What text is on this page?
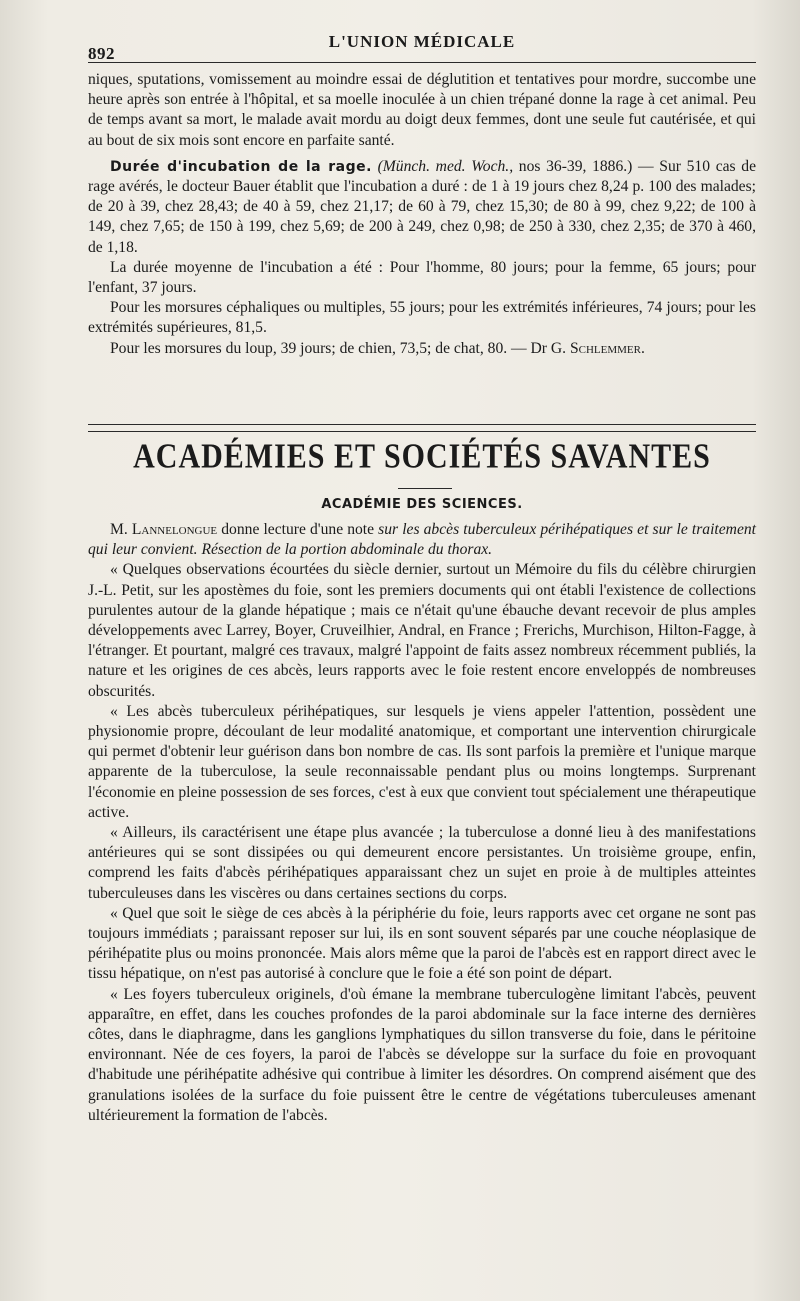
892
L'UNION MÉDICALE

niques, sputations, vomissement au moindre essai de déglutition et tentatives pour mordre, succombe une heure après son entrée à l'hôpital, et sa moelle inoculée à un chien trépané donne la rage à cet animal. Peu de temps avant sa mort, le malade avait mordu au doigt deux femmes, dont une seule fut cautérisée, et qui au bout de six mois sont encore en parfaite santé.

Durée d'incubation de la rage. (Münch. med. Woch., nos 36-39, 1886.) — Sur 510 cas de rage avérés, le docteur Bauer établit que l'incubation a duré : de 1 à 19 jours chez 8,24 p. 100 des malades; de 20 à 39, chez 28,43; de 40 à 59, chez 21,17; de 60 à 79, chez 15,30; de 80 à 99, chez 9,22; de 100 à 149, chez 7,65; de 150 à 199, chez 5,69; de 200 à 249, chez 0,98; de 250 à 330, chez 2,35; de 370 à 460, de 1,18.

La durée moyenne de l'incubation a été : Pour l'homme, 80 jours; pour la femme, 65 jours; pour l'enfant, 37 jours.

Pour les morsures céphaliques ou multiples, 55 jours; pour les extrémités inférieures, 74 jours; pour les extrémités supérieures, 81,5.

Pour les morsures du loup, 39 jours; de chien, 73,5; de chat, 80. — Dr G. Schlemmer.

ACADÉMIES ET SOCIÉTÉS SAVANTES
ACADÉMIE DES SCIENCES.

M. Lannelongue donne lecture d'une note sur les abcès tuberculeux périhépatiques et sur le traitement qui leur convient. Résection de la portion abdominale du thorax.

« Quelques observations écourtées du siècle dernier, surtout un Mémoire du fils du célèbre chirurgien J.-L. Petit, sur les apostèmes du foie, sont les premiers documents qui ont établi l'existence de collections purulentes autour de la glande hépatique ; mais ce n'était qu'une ébauche devant recevoir de plus amples développements avec Larrey, Boyer, Cruveilhier, Andral, en France ; Frerichs, Murchison, Hilton-Fagge, à l'étranger. Et pourtant, malgré ces travaux, malgré l'appoint de faits assez nombreux récemment publiés, la nature et les origines de ces abcès, leurs rapports avec le foie restent encore enveloppés de nombreuses obscurités.

« Les abcès tuberculeux périhépatiques, sur lesquels je viens appeler l'attention, possèdent une physionomie propre, découlant de leur modalité anatomique, et comportant une intervention chirurgicale qui permet d'obtenir leur guérison dans bon nombre de cas. Ils sont parfois la première et l'unique marque apparente de la tuberculose, la seule reconnaissable pendant plus ou moins longtemps. Surprenant l'économie en pleine possession de ses forces, c'est à eux que convient tout spécialement une thérapeutique active.

« Ailleurs, ils caractérisent une étape plus avancée ; la tuberculose a donné lieu à des manifestations antérieures qui se sont dissipées ou qui demeurent encore persistantes. Un troisième groupe, enfin, comprend les faits d'abcès périhépatiques apparaissant chez un sujet en proie à de multiples atteintes tuberculeuses dans les viscères ou dans certaines sections du corps.

« Quel que soit le siège de ces abcès à la périphérie du foie, leurs rapports avec cet organe ne sont pas toujours immédiats ; paraissant reposer sur lui, ils en sont souvent séparés par une couche néoplasique de périhépatite plus ou moins prononcée. Mais alors même que la paroi de l'abcès est en rapport direct avec le tissu hépatique, on n'est pas autorisé à conclure que le foie a été son point de départ.

« Les foyers tuberculeux originels, d'où émane la membrane tuberculogène limitant l'abcès, peuvent apparaître, en effet, dans les couches profondes de la paroi abdominale sur la face interne des dernières côtes, dans le diaphragme, dans les ganglions lymphatiques du sillon transverse du foie, dans le péritoine environnant. Née de ces foyers, la paroi de l'abcès se développe sur la surface du foie en provoquant d'habitude une périhépatite adhésive qui contribue à limiter les désordres. On comprend aisément que des granulations isolées de la surface du foie puissent être le centre de végétations tuberculeuses amenant ultérieurement la formation de l'abcès.
